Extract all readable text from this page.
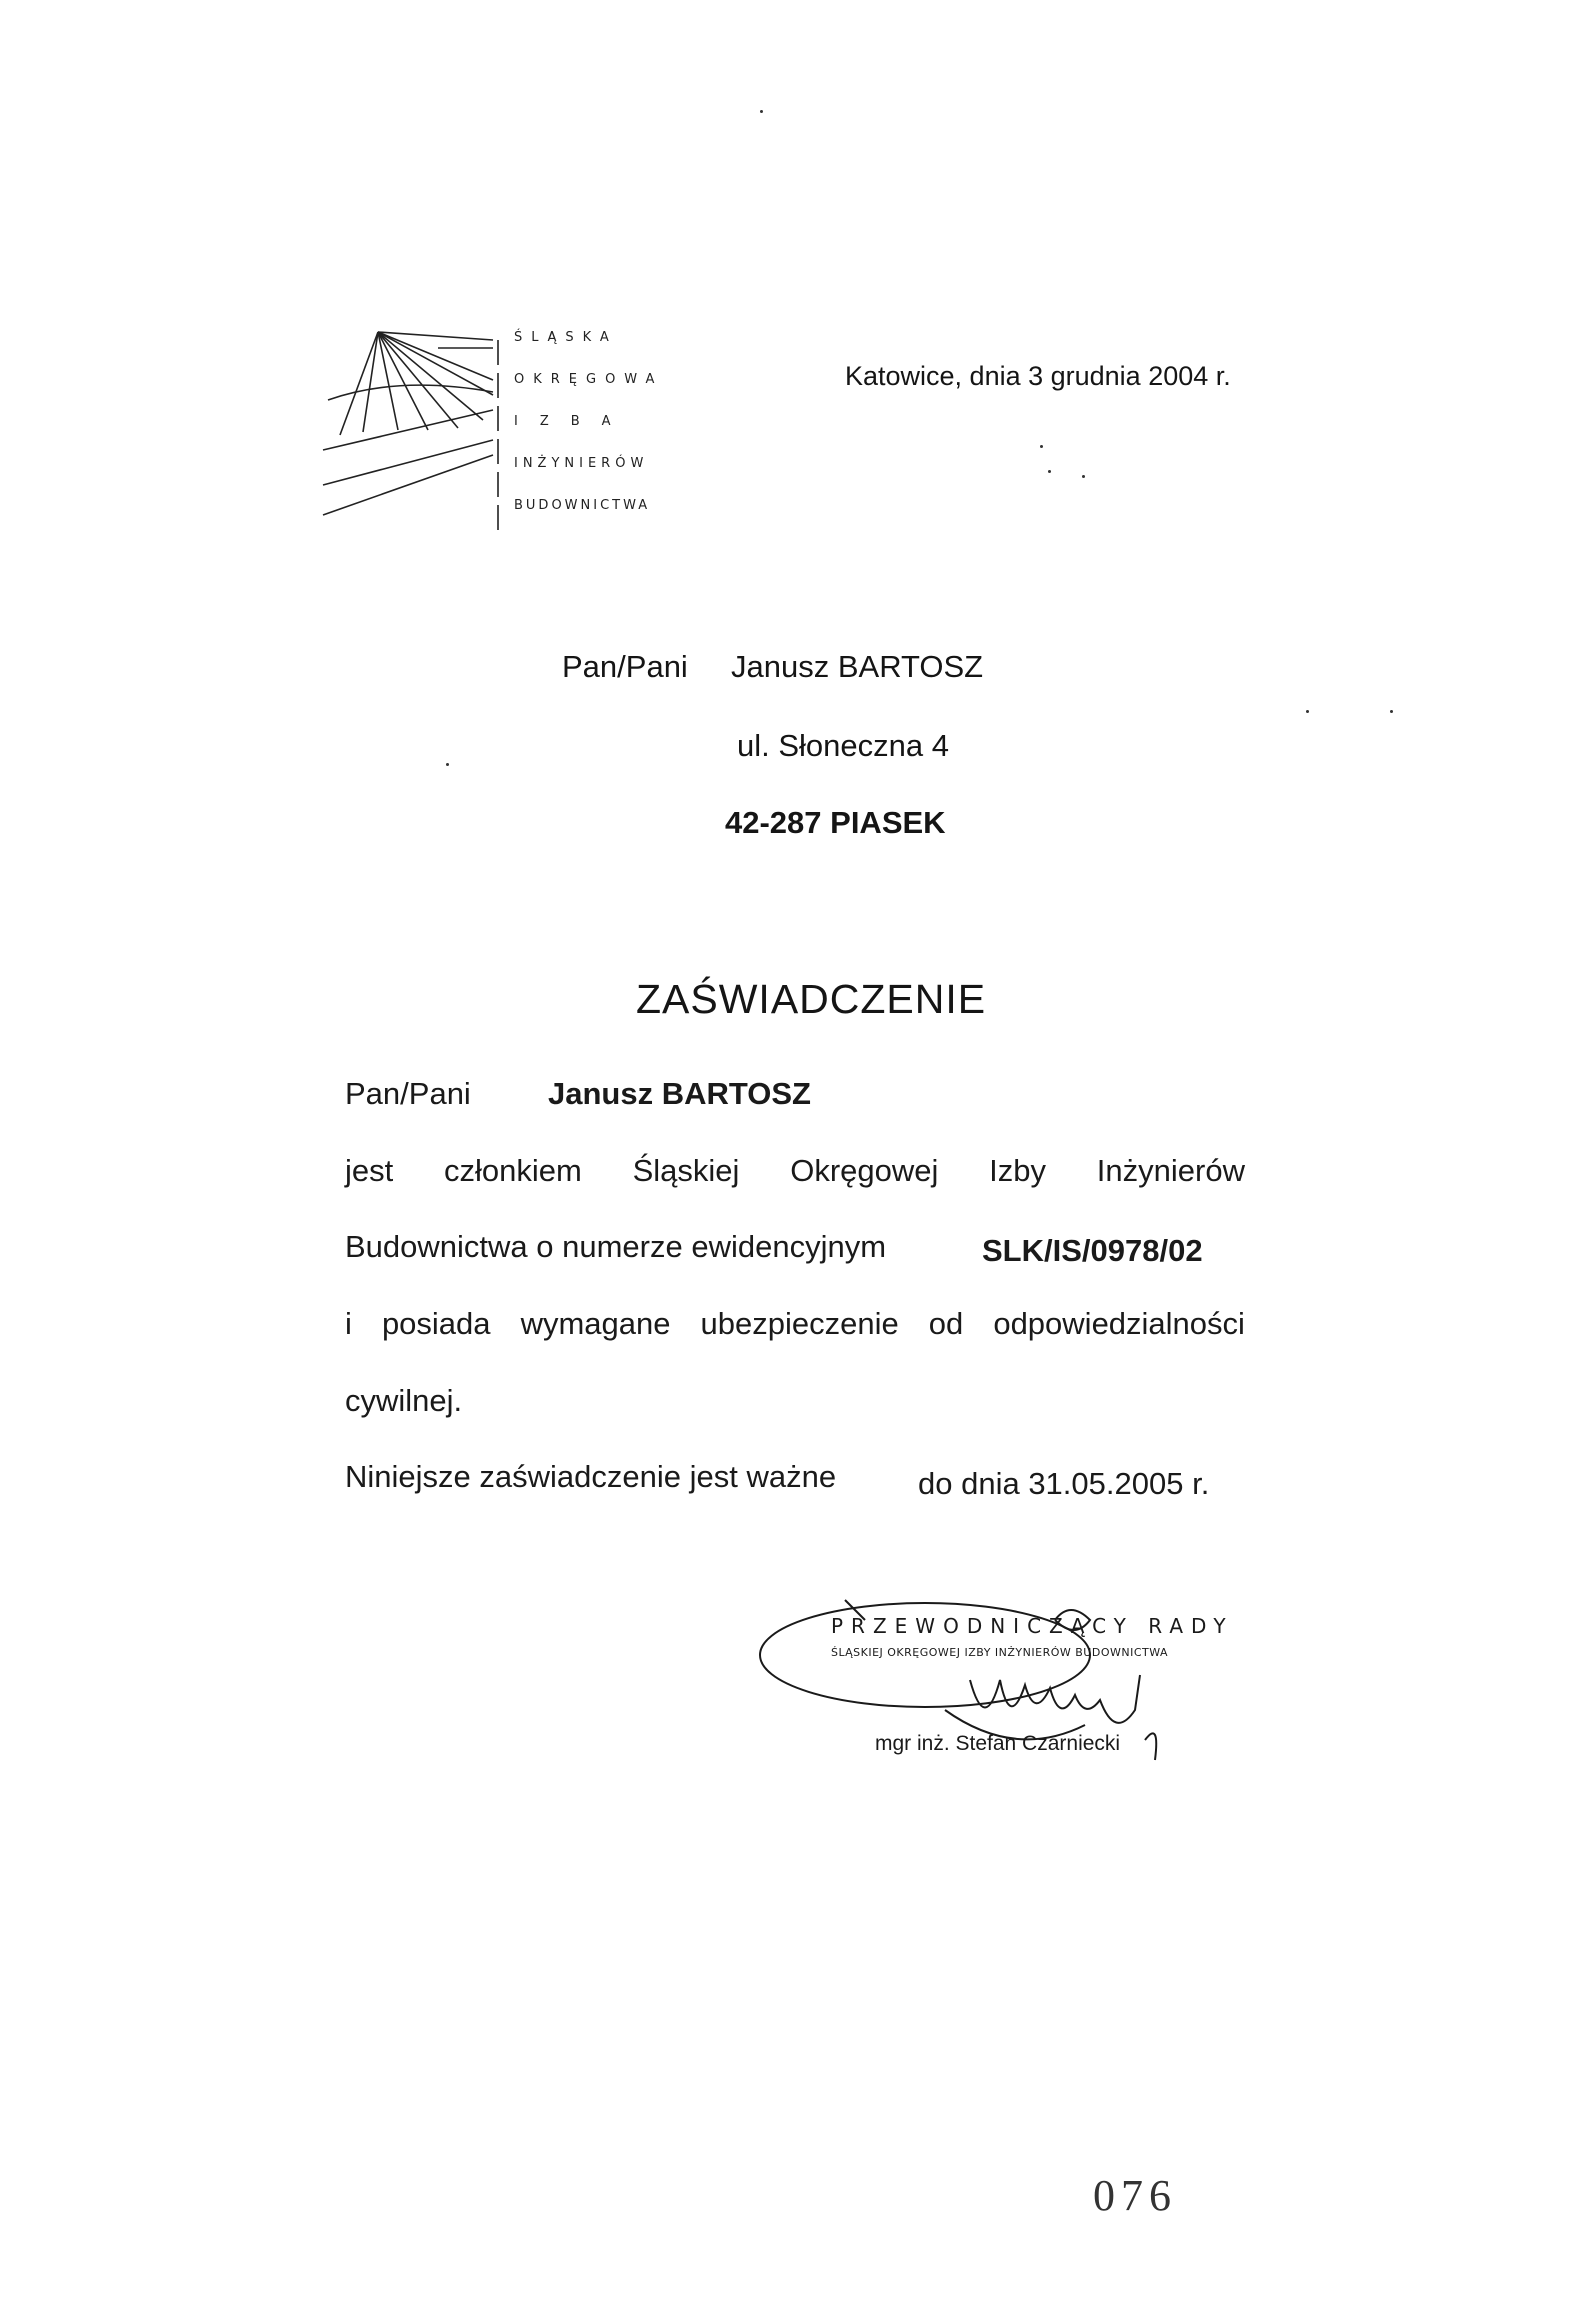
ŚLĄSKA
OKRĘGOWA
IZBA
INŻYNIERÓW
BUDOWNICTWA
Katowice, dnia 3 grudnia 2004 r.
Pan/Pani Janusz BARTOSZ
ul. Słoneczna 4
42-287 PIASEK
ZAŚWIADCZENIE
Pan/Pani Janusz BARTOSZ
jest członkiem Śląskiej Okręgowej Izby Inżynierów
Budownictwa o numerze ewidencyjnym	SLK/IS/0978/02
i posiada wymagane ubezpieczenie od odpowiedzialności
cywilnej.
Niniejsze zaświadczenie jest ważne	do dnia 31.05.2005 r.
PRZEWODNICZĄCY RADY
ŚLĄSKIEJ OKRĘGOWEJ IZBY INŻYNIERÓW BUDOWNICTWA
mgr inż. Stefan Czarniecki
076
